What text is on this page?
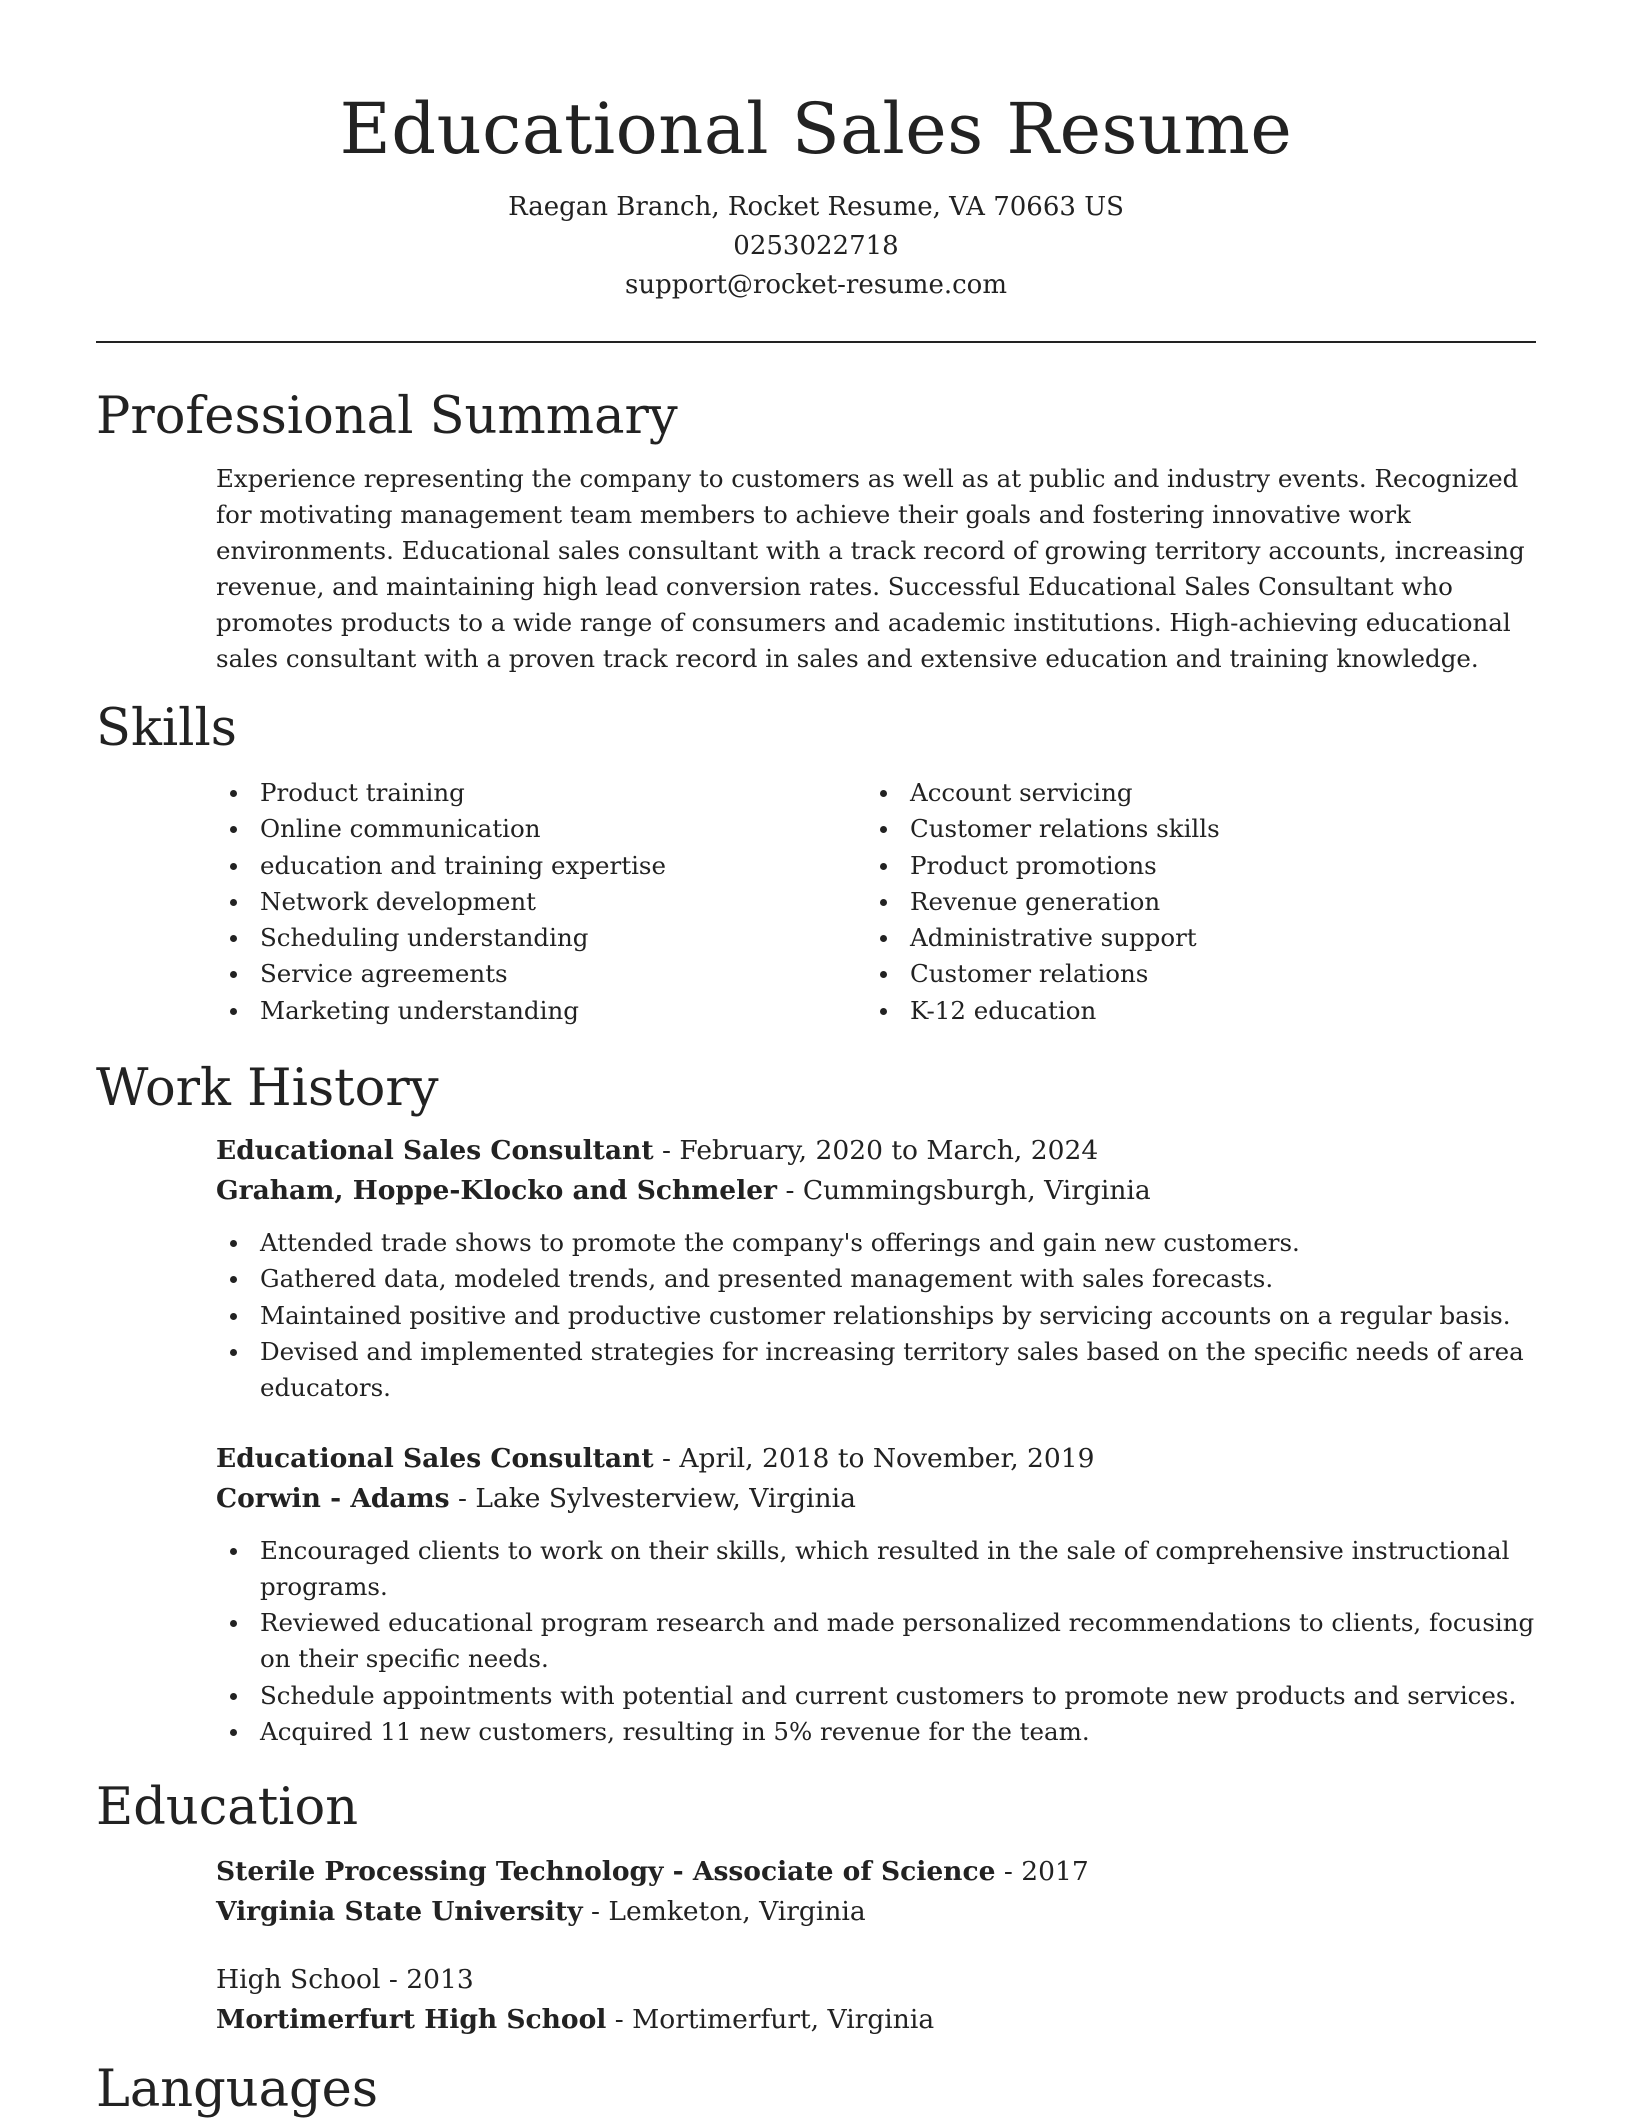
Educational Sales Resume
Raegan Branch, Rocket Resume, VA 70663 US
0253022718
support@rocket-resume.com
Professional Summary
Experience representing the company to customers as well as at public and industry events. Recognized for motivating management team members to achieve their goals and fostering innovative work environments. Educational sales consultant with a track record of growing territory accounts, increasing revenue, and maintaining high lead conversion rates. Successful Educational Sales Consultant who promotes products to a wide range of consumers and academic institutions. High-achieving educational sales consultant with a proven track record in sales and extensive education and training knowledge.
Skills
Product training
Online communication
education and training expertise
Network development
Scheduling understanding
Service agreements
Marketing understanding
Account servicing
Customer relations skills
Product promotions
Revenue generation
Administrative support
Customer relations
K-12 education
Work History
Educational Sales Consultant - February, 2020 to March, 2024
Graham, Hoppe-Klocko and Schmeler - Cummingsburgh, Virginia
Attended trade shows to promote the company's offerings and gain new customers.
Gathered data, modeled trends, and presented management with sales forecasts.
Maintained positive and productive customer relationships by servicing accounts on a regular basis.
Devised and implemented strategies for increasing territory sales based on the specific needs of area educators.
Educational Sales Consultant - April, 2018 to November, 2019
Corwin - Adams - Lake Sylvesterview, Virginia
Encouraged clients to work on their skills, which resulted in the sale of comprehensive instructional programs.
Reviewed educational program research and made personalized recommendations to clients, focusing on their specific needs.
Schedule appointments with potential and current customers to promote new products and services.
Acquired 11 new customers, resulting in 5% revenue for the team.
Education
Sterile Processing Technology - Associate of Science - 2017
Virginia State University - Lemketon, Virginia
High School - 2013
Mortimerfurt High School - Mortimerfurt, Virginia
Languages
